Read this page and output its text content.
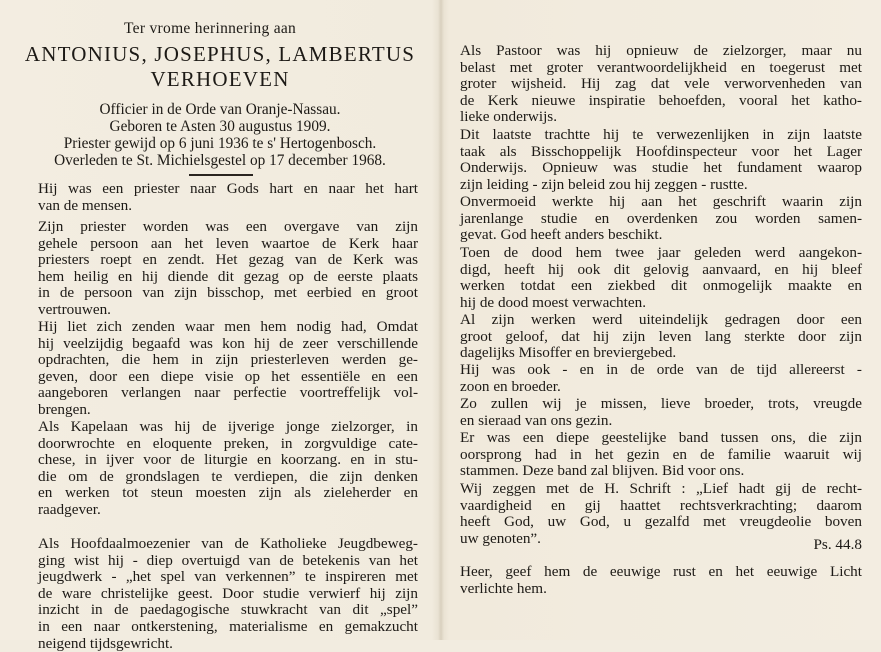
Ter vrome herinnering aan
ANTONIUS, JOSEPHUS, LAMBERTUS
VERHOEVEN
Officier in de Orde van Oranje-Nassau.
Geboren te Asten 30 augustus 1909.
Priester gewijd op 6 juni 1936 te s' Hertogenbosch.
Overleden te St. Michielsgestel op 17 december 1968.
Hij was een priester naar Gods hart en naar het hart
van de mensen.
Zijn priester worden was een overgave van zijn
gehele persoon aan het leven waartoe de Kerk haar
priesters roept en zendt. Het gezag van de Kerk was
hem heilig en hij diende dit gezag op de eerste plaats
in de persoon van zijn bisschop, met eerbied en groot
vertrouwen.
Hij liet zich zenden waar men hem nodig had, Omdat
hij veelzijdig begaafd was kon hij de zeer verschillende
opdrachten, die hem in zijn priesterleven werden ge-
geven, door een diepe visie op het essentiële en een
aangeboren verlangen naar perfectie voortreffelijk vol-
brengen.
Als Kapelaan was hij de ijverige jonge zielzorger, in
doorwrochte en eloquente preken, in zorgvuldige cate-
chese, in ijver voor de liturgie en koorzang. en in stu-
die om de grondslagen te verdiepen, die zijn denken
en werken tot steun moesten zijn als zieleherder en
raadgever.
Als Hoofdaalmoezenier van de Katholieke Jeugdbeweg-
ging wist hij - diep overtuigd van de betekenis van het
jeugdwerk - „het spel van verkennen” te inspireren met
de ware christelijke geest. Door studie verwierf hij zijn
inzicht in de paedagogische stuwkracht van dit „spel”
in een naar ontkerstening, materialisme en gemakzucht
neigend tijdsgewricht.
Als Pastoor was hij opnieuw de zielzorger, maar nu
belast met groter verantwoordelijkheid en toegerust met
groter wijsheid. Hij zag dat vele verworvenheden van
de Kerk nieuwe inspiratie behoefden, vooral het katho-
lieke onderwijs.
Dit laatste trachtte hij te verwezenlijken in zijn laatste
taak als Bisschoppelijk Hoofdinspecteur voor het Lager
Onderwijs. Opnieuw was studie het fundament waarop
zijn leiding - zijn beleid zou hij zeggen - rustte.
Onvermoeid werkte hij aan het geschrift waarin zijn
jarenlange studie en overdenken zou worden samen-
gevat. God heeft anders beschikt.
Toen de dood hem twee jaar geleden werd aangekon-
digd, heeft hij ook dit gelovig aanvaard, en hij bleef
werken totdat een ziekbed dit onmogelijk maakte en
hij de dood moest verwachten.
Al zijn werken werd uiteindelijk gedragen door een
groot geloof, dat hij zijn leven lang sterkte door zijn
dagelijks Misoffer en breviergebed.
Hij was ook - en in de orde van de tijd allereerst -
zoon en broeder.
Zo zullen wij je missen, lieve broeder, trots, vreugde
en sieraad van ons gezin.
Er was een diepe geestelijke band tussen ons, die zijn
oorsprong had in het gezin en de familie waaruit wij
stammen. Deze band zal blijven. Bid voor ons.
Wij zeggen met de H. Schrift : „Lief hadt gij de recht-
vaardigheid en gij haattet rechtsverkrachting; daarom
heeft God, uw God, u gezalfd met vreugdeolie boven
uw genoten”.
Heer, geef hem de eeuwige rust en het eeuwige Licht
verlichte hem.
Ps. 44.8
